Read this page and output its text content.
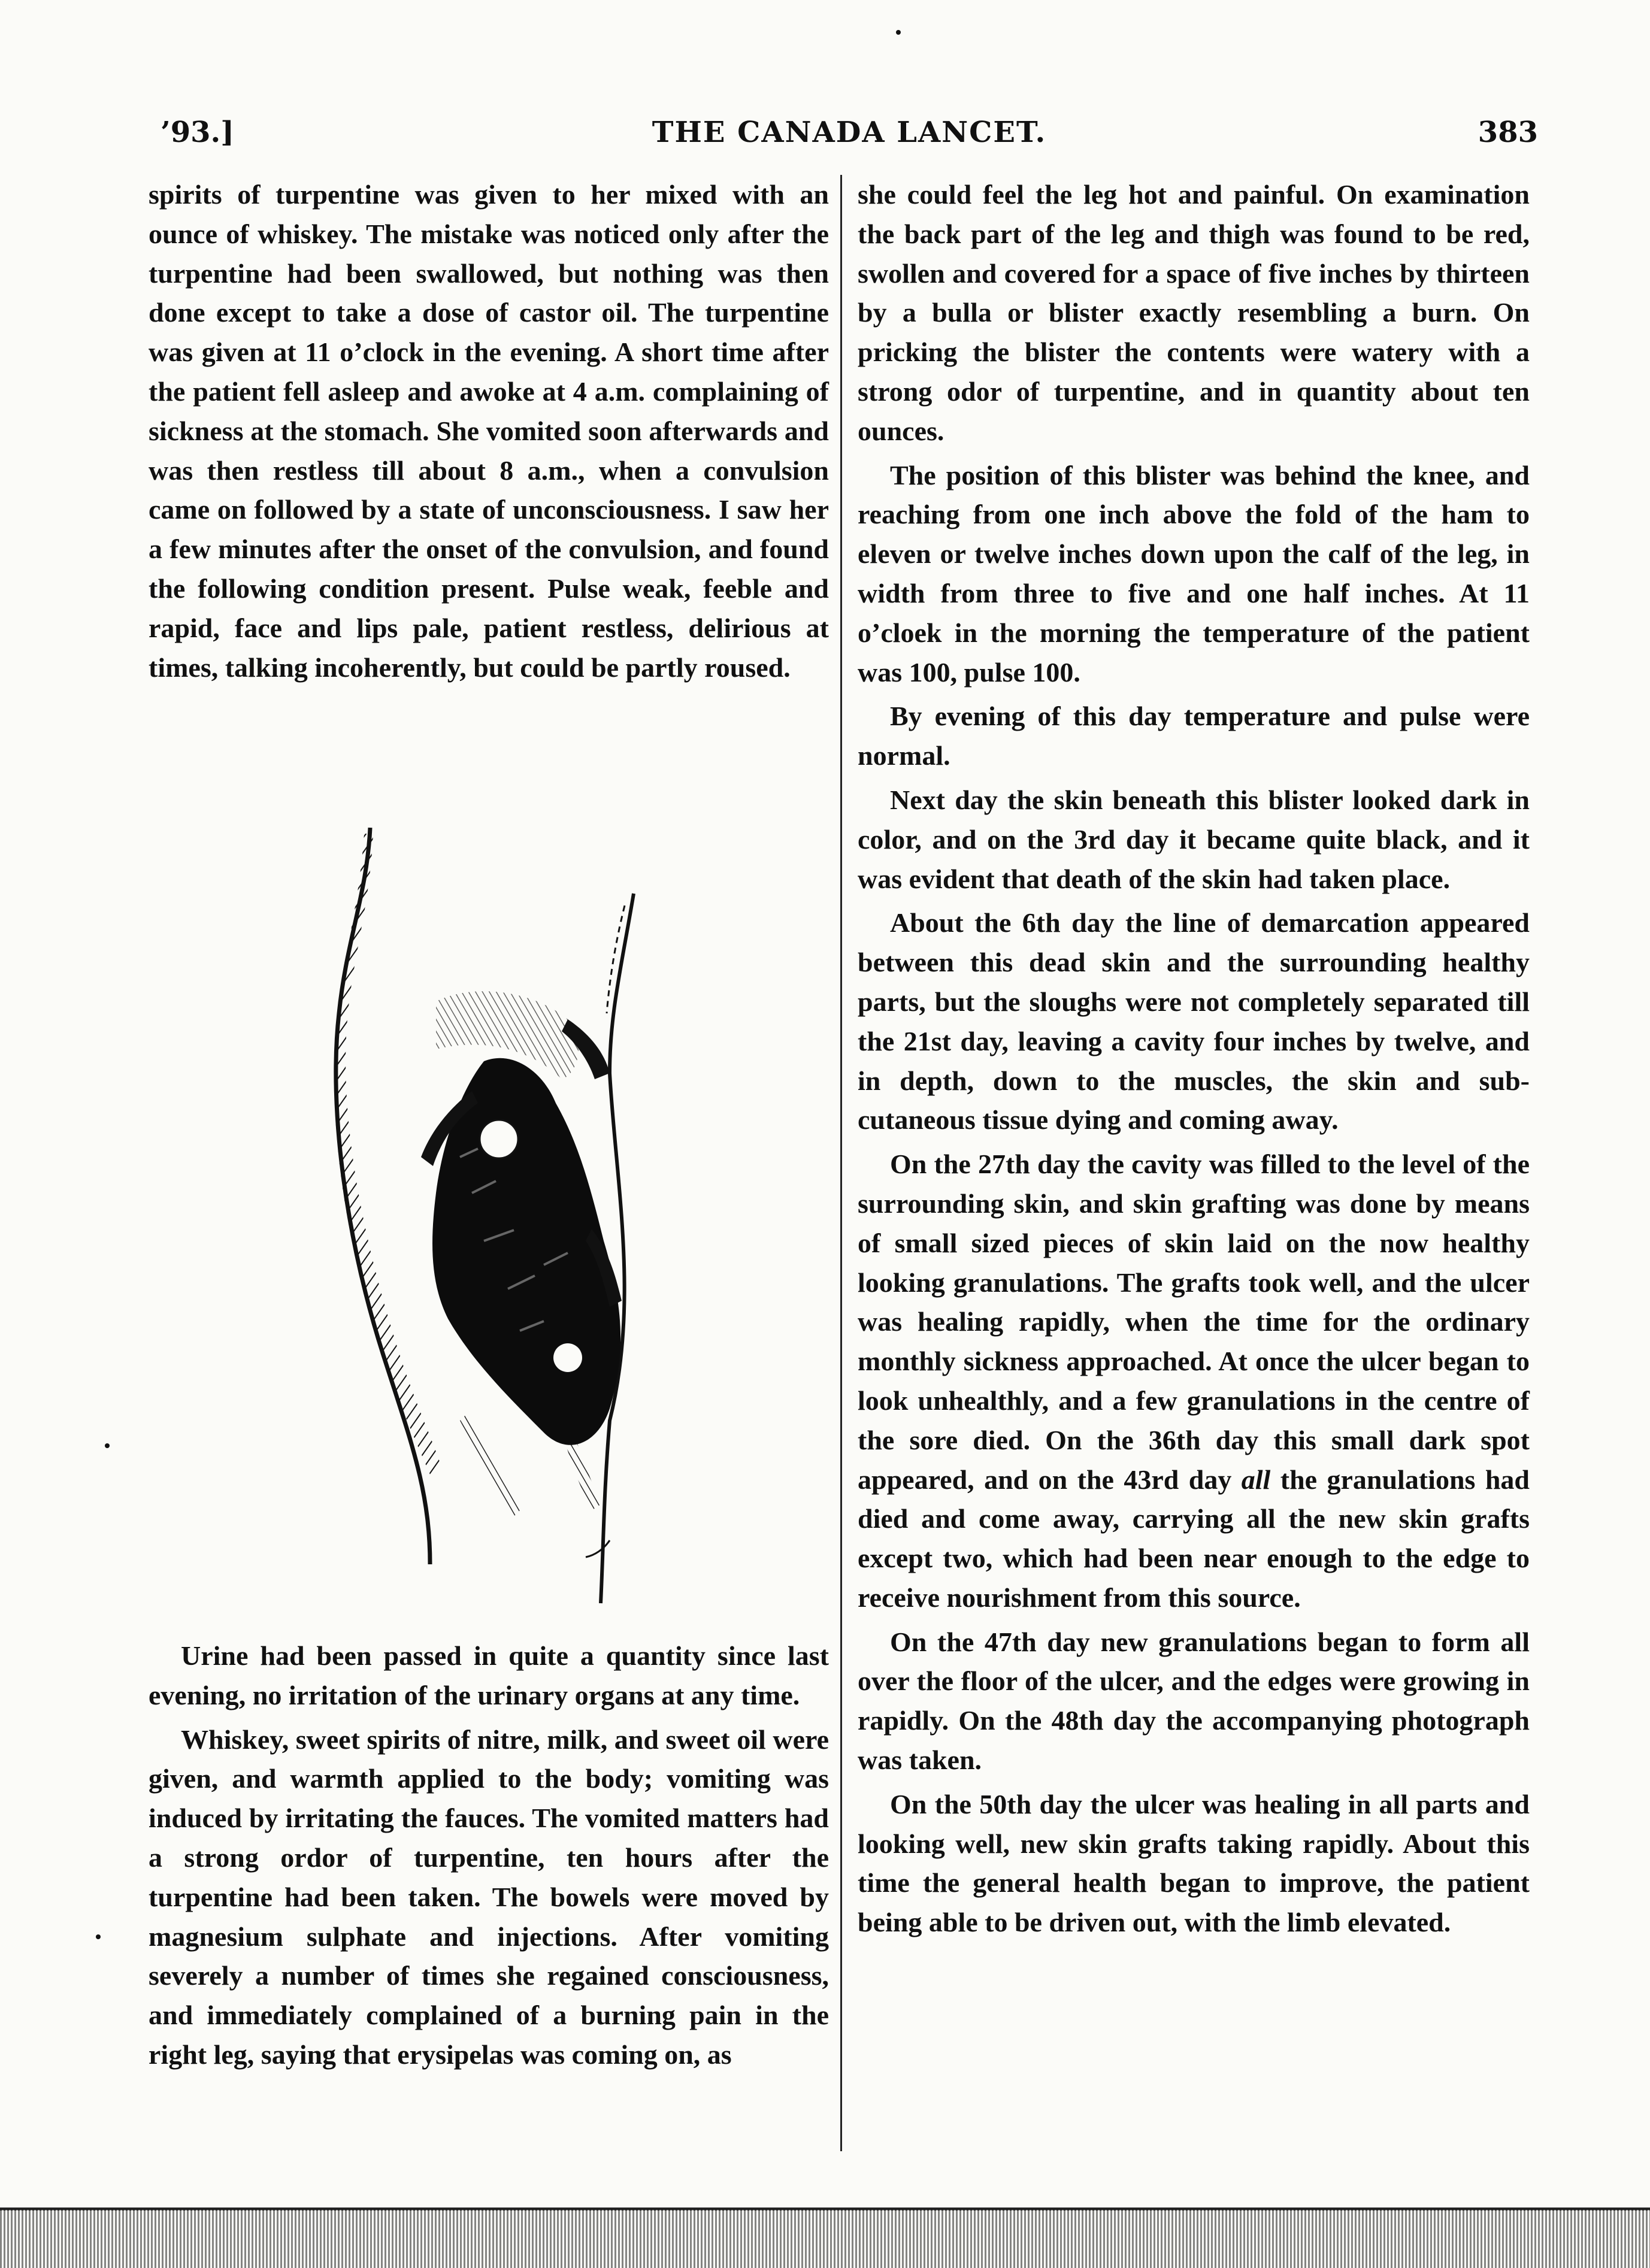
’93.]	THE CANADA LANCET.	383

spirits of turpentine was given to her mixed with an ounce of whiskey. The mistake was noticed only after the turpentine had been swallowed, but nothing was then done except to take a dose of castor oil. The turpentine was given at 11 o’clock in the evening. A short time after the patient fell asleep and awoke at 4 a.m. complaining of sickness at the stomach. She vomited soon afterwards and was then restless till about 8 a.m., when a convulsion came on followed by a state of unconsciousness. I saw her a few minutes after the onset of the convulsion, and found the following condition present. Pulse weak, feeble and rapid, face and lips pale, patient restless, delirious at times, talking incoherently, but could be partly roused.

Urine had been passed in quite a quantity since last evening, no irritation of the urinary organs at any time.

Whiskey, sweet spirits of nitre, milk, and sweet oil were given, and warmth applied to the body; vomiting was induced by irritating the fauces. The vomited matters had a strong ordor of turpentine, ten hours after the turpentine had been taken. The bowels were moved by magnesium sulphate and injections. After vomiting severely a number of times she regained consciousness, and immediately complained of a burning pain in the right leg, saying that erysipelas was coming on, as

she could feel the leg hot and painful. On examination the back part of the leg and thigh was found to be red, swollen and covered for a space of five inches by thirteen by a bulla or blister exactly resembling a burn. On pricking the blister the contents were watery with a strong odor of turpentine, and in quantity about ten ounces.

The position of this blister was behind the knee, and reaching from one inch above the fold of the ham to eleven or twelve inches down upon the calf of the leg, in width from three to five and one half inches. At 11 o’cloek in the morning the temperature of the patient was 100, pulse 100.

By evening of this day temperature and pulse were normal.

Next day the skin beneath this blister looked dark in color, and on the 3rd day it became quite black, and it was evident that death of the skin had taken place.

About the 6th day the line of demarcation appeared between this dead skin and the surrounding healthy parts, but the sloughs were not completely separated till the 21st day, leaving a cavity four inches by twelve, and in depth, down to the muscles, the skin and sub-cutaneous tissue dying and coming away.

On the 27th day the cavity was filled to the level of the surrounding skin, and skin grafting was done by means of small sized pieces of skin laid on the now healthy looking granulations. The grafts took well, and the ulcer was healing rapidly, when the time for the ordinary monthly sickness approached. At once the ulcer began to look unhealthly, and a few granulations in the centre of the sore died. On the 36th day this small dark spot appeared, and on the 43rd day all the granulations had died and come away, carrying all the new skin grafts except two, which had been near enough to the edge to receive nourishment from this source.

On the 47th day new granulations began to form all over the floor of the ulcer, and the edges were growing in rapidly. On the 48th day the accompanying photograph was taken.

On the 50th day the ulcer was healing in all parts and looking well, new skin grafts taking rapidly. About this time the general health began to improve, the patient being able to be driven out, with the limb elevated.
